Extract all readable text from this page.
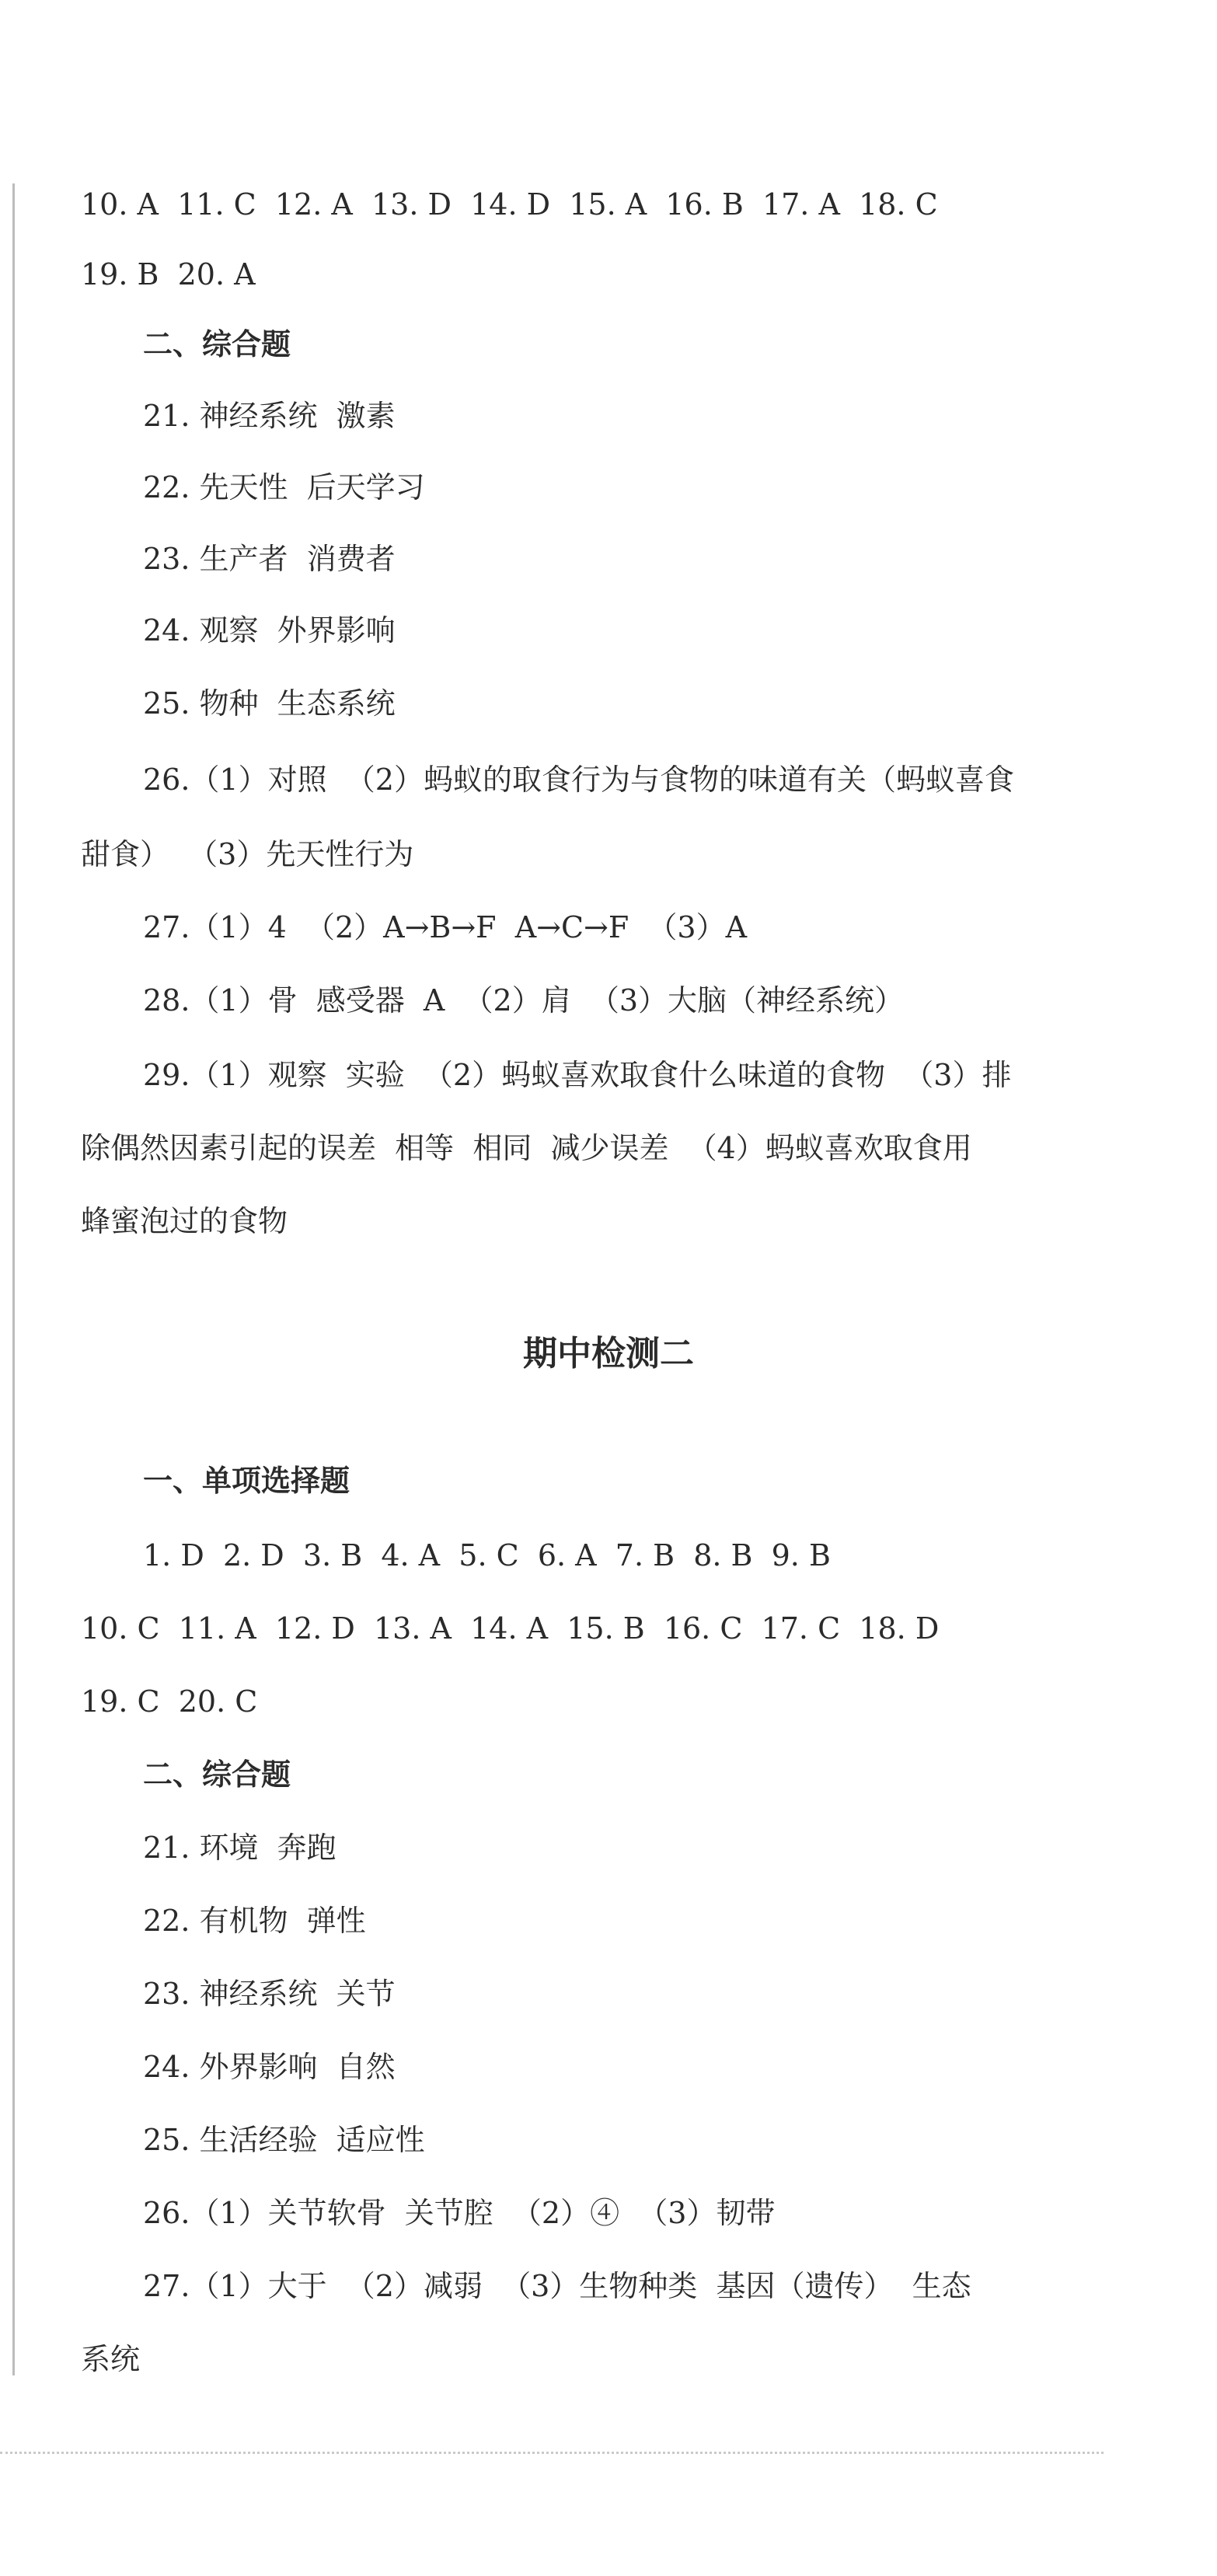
10. A  11. C  12. A  13. D  14. D  15. A  16. B  17. A  18. C
19. B  20. A
二、综合题
21. 神经系统  激素
22. 先天性  后天学习
23. 生产者  消费者
24. 观察  外界影响
25. 物种  生态系统
26.（1）对照  （2）蚂蚁的取食行为与食物的味道有关（蚂蚁喜食
甜食）  （3）先天性行为
27.（1）4  （2）A→B→F  A→C→F  （3）A
28.（1）骨  感受器  A  （2）肩  （3）大脑（神经系统）
29.（1）观察  实验  （2）蚂蚁喜欢取食什么味道的食物  （3）排
除偶然因素引起的误差  相等  相同  减少误差  （4）蚂蚁喜欢取食用
蜂蜜泡过的食物
期中检测二
一、单项选择题
1. D  2. D  3. B  4. A  5. C  6. A  7. B  8. B  9. B
10. C  11. A  12. D  13. A  14. A  15. B  16. C  17. C  18. D
19. C  20. C
二、综合题
21. 环境  奔跑
22. 有机物  弹性
23. 神经系统  关节
24. 外界影响  自然
25. 生活经验  适应性
26.（1）关节软骨  关节腔  （2）④  （3）韧带
27.（1）大于  （2）减弱  （3）生物种类  基因（遗传）  生态
系统
